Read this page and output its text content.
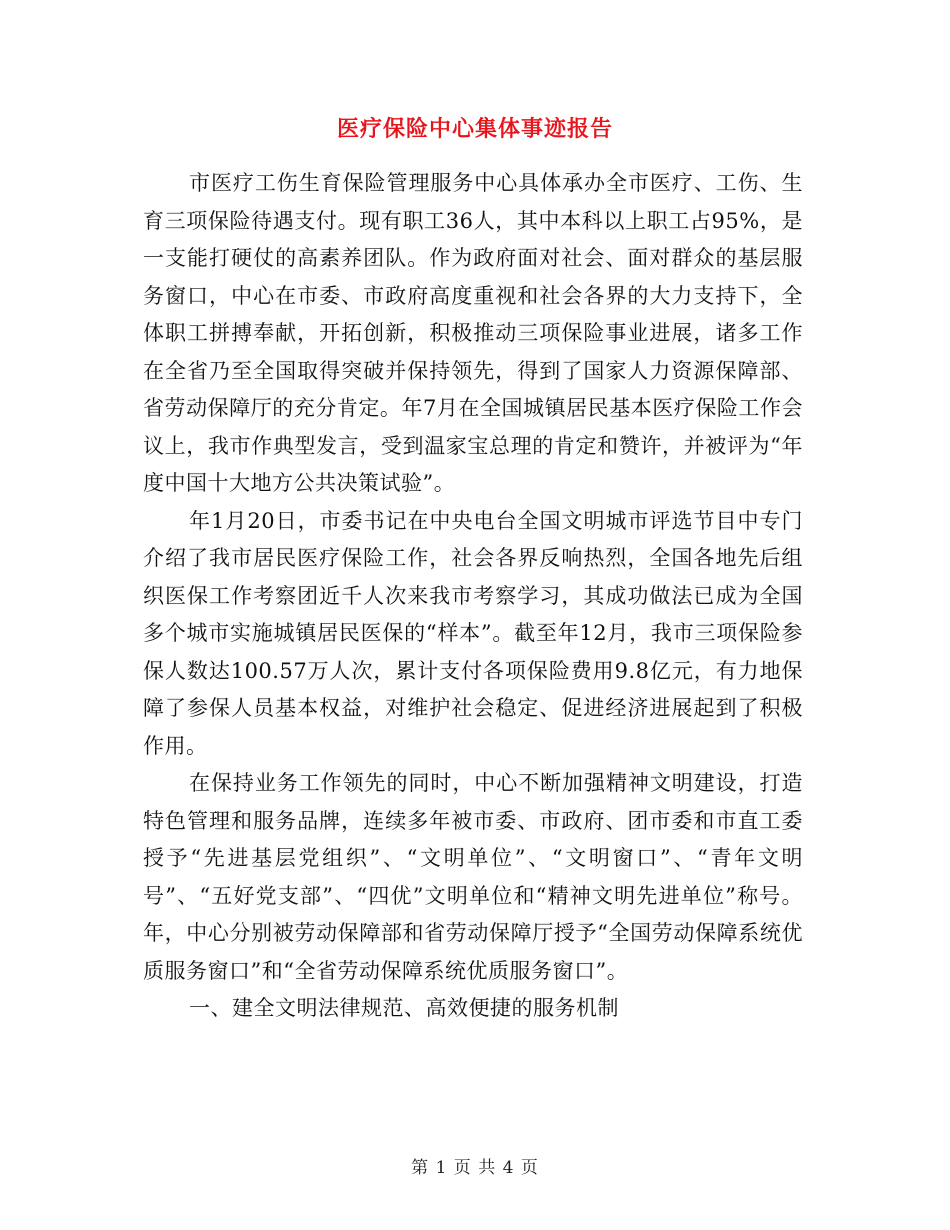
医疗保险中心集体事迹报告

市医疗工伤生育保险管理服务中心具体承办全市医疗、工伤、生育三项保险待遇支付。现有职工36人，其中本科以上职工占95%，是一支能打硬仗的高素养团队。作为政府面对社会、面对群众的基层服务窗口，中心在市委、市政府高度重视和社会各界的大力支持下，全体职工拼搏奉献，开拓创新，积极推动三项保险事业进展，诸多工作在全省乃至全国取得突破并保持领先，得到了国家人力资源保障部、省劳动保障厅的充分肯定。年7月在全国城镇居民基本医疗保险工作会议上，我市作典型发言，受到温家宝总理的肯定和赞许，并被评为“年度中国十大地方公共决策试验”。

年1月20日，市委书记在中央电台全国文明城市评选节目中专门介绍了我市居民医疗保险工作，社会各界反响热烈，全国各地先后组织医保工作考察团近千人次来我市考察学习，其成功做法已成为全国多个城市实施城镇居民医保的“样本”。截至年12月，我市三项保险参保人数达100.57万人次，累计支付各项保险费用9.8亿元，有力地保障了参保人员基本权益，对维护社会稳定、促进经济进展起到了积极作用。

在保持业务工作领先的同时，中心不断加强精神文明建设，打造特色管理和服务品牌，连续多年被市委、市政府、团市委和市直工委授予“先进基层党组织”、“文明单位”、“文明窗口”、“青年文明号”、“五好党支部”、“四优”文明单位和“精神文明先进单位”称号。年，中心分别被劳动保障部和省劳动保障厅授予“全国劳动保障系统优质服务窗口”和“全省劳动保障系统优质服务窗口”。

一、建全文明法律规范、高效便捷的服务机制

第 1 页 共 4 页
